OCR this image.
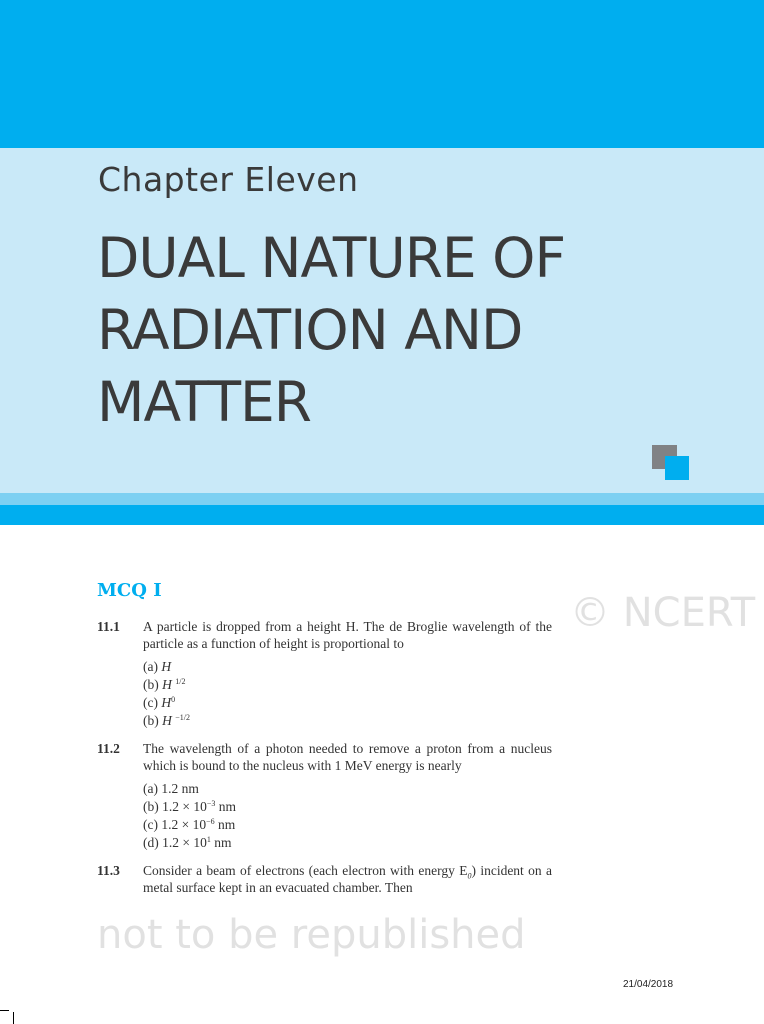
Chapter Eleven
DUAL NATURE OF
RADIATION AND
MATTER
© NCERT
not to be republished
MCQ I
11.1 A particle is dropped from a height H. The de Broglie wavelength of the particle as a function of height is proportional to
(a) H
(b) H $^{1/2}$
(c) $H^0$
(b) H $^{-1/2}$
11.2 The wavelength of a photon needed to remove a proton from a nucleus which is bound to the nucleus with 1 MeV energy is nearly
(a) 1.2 nm
(b) $1.2 \times 10^{-3}$ nm
(c) $1.2 \times 10^{-6}$ nm
(d) $1.2 \times 10^1$ nm
11.3 Consider a beam of electrons (each electron with energy $E_0$) incident on a metal surface kept in an evacuated chamber. Then
21/04/2018
